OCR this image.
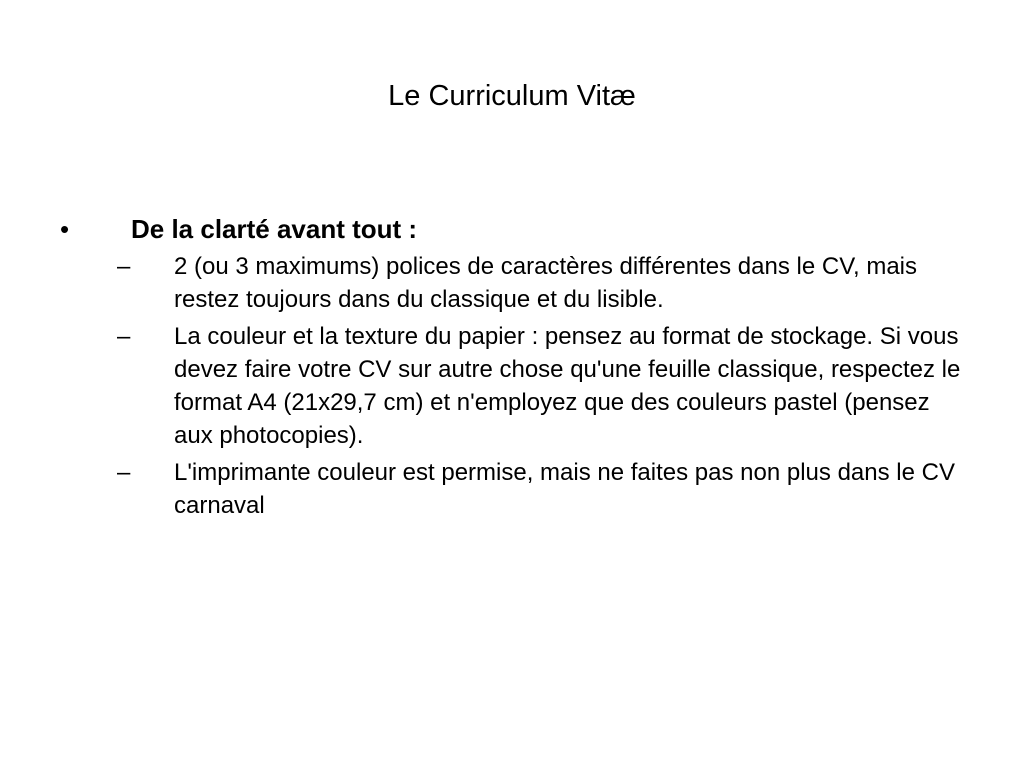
Le Curriculum Vitæ
• De la clarté avant tout :
– 2 (ou 3 maximums) polices de caractères différentes dans le CV, mais restez toujours dans du classique et du lisible.
– La couleur et la texture du papier : pensez au format de stockage. Si vous devez faire votre CV sur autre chose qu'une feuille classique, respectez le format A4 (21x29,7 cm) et n'employez que des couleurs pastel (pensez aux photocopies).
– L'imprimante couleur est permise, mais ne faites pas non plus dans le CV carnaval
